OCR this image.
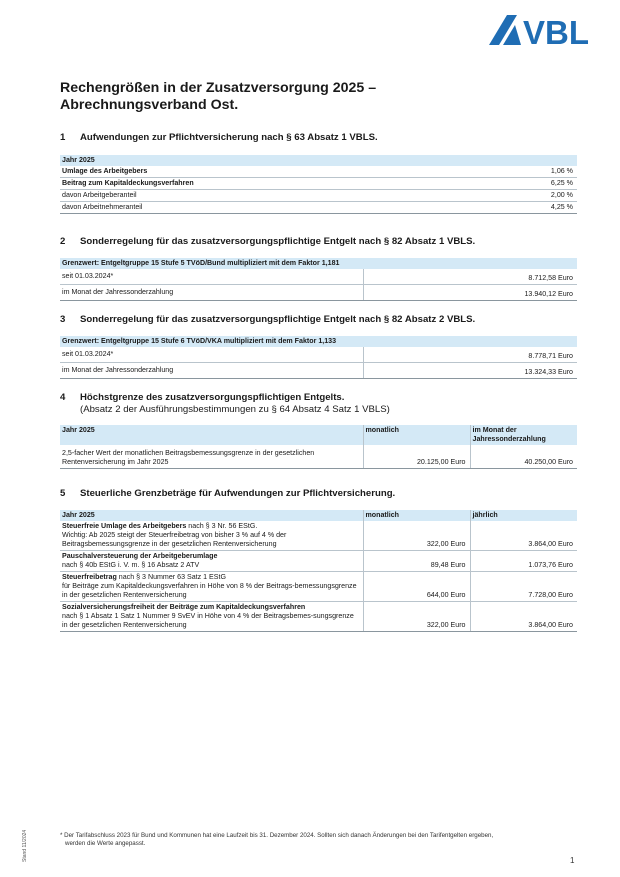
VBL
Rechengrößen in der Zusatzversorgung 2025 –
Abrechnungsverband Ost.
1 Aufwendungen zur Pflichtversicherung nach § 63 Absatz 1 VBLS.
Jahr 2025	
Umlage des Arbeitgebers	1,06 %
Beitrag zum Kapitaldeckungsverfahren	6,25 %
davon Arbeitgeberanteil	2,00 %
davon Arbeitnehmeranteil	4,25 %
2 Sonderregelung für das zusatzversorgungspflichtige Entgelt nach § 82 Absatz 1 VBLS.
Grenzwert: Entgeltgruppe 15 Stufe 5 TVöD/Bund multipliziert mit dem Faktor 1,181	
seit 01.03.2024*	8.712,58 Euro
im Monat der Jahressonderzahlung	13.940,12 Euro
3 Sonderregelung für das zusatzversorgungspflichtige Entgelt nach § 82 Absatz 2 VBLS.
Grenzwert: Entgeltgruppe 15 Stufe 6 TVöD/VKA multipliziert mit dem Faktor 1,133	
seit 01.03.2024*	8.778,71 Euro
im Monat der Jahressonderzahlung	13.324,33 Euro
4 Höchstgrenze des zusatzversorgungspflichtigen Entgelts.
(Absatz 2 der Ausführungsbestimmungen zu § 64 Absatz 4 Satz 1 VBLS)
Jahr 2025	monatlich	im Monat der Jahressonderzahlung
2,5-facher Wert der monatlichen Beitragsbemessungsgrenze in der gesetzlichen Rentenversicherung im Jahr 2025	20.125,00 Euro	40.250,00 Euro
5 Steuerliche Grenzbeträge für Aufwendungen zur Pflichtversicherung.
Jahr 2025	monatlich	jährlich
Steuerfreie Umlage des Arbeitgebers nach § 3 Nr. 56 EStG.
Wichtig: Ab 2025 steigt der Steuerfreibetrag von bisher 3 % auf 4 % der Beitragsbemessungsgrenze in der gesetzlichen Rentenversicherung	322,00 Euro	3.864,00 Euro
Pauschalversteuerung der Arbeitgeberumlage
nach § 40b EStG i. V. m. § 16 Absatz 2 ATV	89,48 Euro	1.073,76 Euro
Steuerfreibetrag nach § 3 Nummer 63 Satz 1 EStG
für Beiträge zum Kapitaldeckungsverfahren in Höhe von 8 % der Beitrags-bemessungsgrenze in der gesetzlichen Rentenversicherung	644,00 Euro	7.728,00 Euro
Sozialversicherungsfreiheit der Beiträge zum Kapitaldeckungsverfahren
nach § 1 Absatz 1 Satz 1 Nummer 9 SvEV in Höhe von 4 % der Beitragsbemes-sungsgrenze in der gesetzlichen Rentenversicherung	322,00 Euro	3.864,00 Euro
* Der Tarifabschluss 2023 für Bund und Kommunen hat eine Laufzeit bis 31. Dezember 2024. Sollten sich danach Änderungen bei den Tarifentgelten ergeben,
werden die Werte angepasst.
Stand 11/2024	1
